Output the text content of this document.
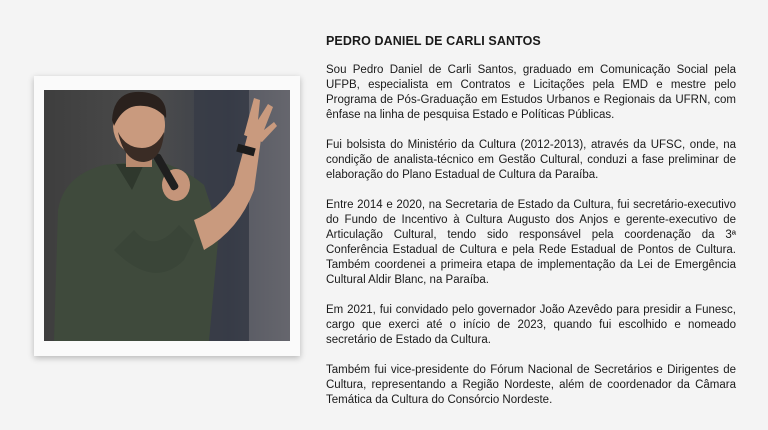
PEDRO DANIEL DE CARLI SANTOS

Sou Pedro Daniel de Carli Santos, graduado em Comunicação Social pela UFPB, especialista em Contratos e Licitações pela EMD e mestre pelo Programa de Pós-Graduação em Estudos Urbanos e Regionais da UFRN, com ênfase na linha de pesquisa Estado e Políticas Públicas.

Fui bolsista do Ministério da Cultura (2012-2013), através da UFSC, onde, na condição de analista-técnico em Gestão Cultural, conduzi a fase preliminar de elaboração do Plano Estadual de Cultura da Paraíba.

Entre 2014 e 2020, na Secretaria de Estado da Cultura, fui secretário-executivo do Fundo de Incentivo à Cultura Augusto dos Anjos e gerente-executivo de Articulação Cultural, tendo sido responsável pela coordenação da 3ª Conferência Estadual de Cultura e pela Rede Estadual de Pontos de Cultura. Também coordenei a primeira etapa de implementação da Lei de Emergência Cultural Aldir Blanc, na Paraíba.

Em 2021, fui convidado pelo governador João Azevêdo para presidir a Funesc, cargo que exerci até o início de 2023, quando fui escolhido e nomeado secretário de Estado da Cultura.

Também fui vice-presidente do Fórum Nacional de Secretários e Dirigentes de Cultura, representando a Região Nordeste, além de coordenador da Câmara Temática da Cultura do Consórcio Nordeste.
